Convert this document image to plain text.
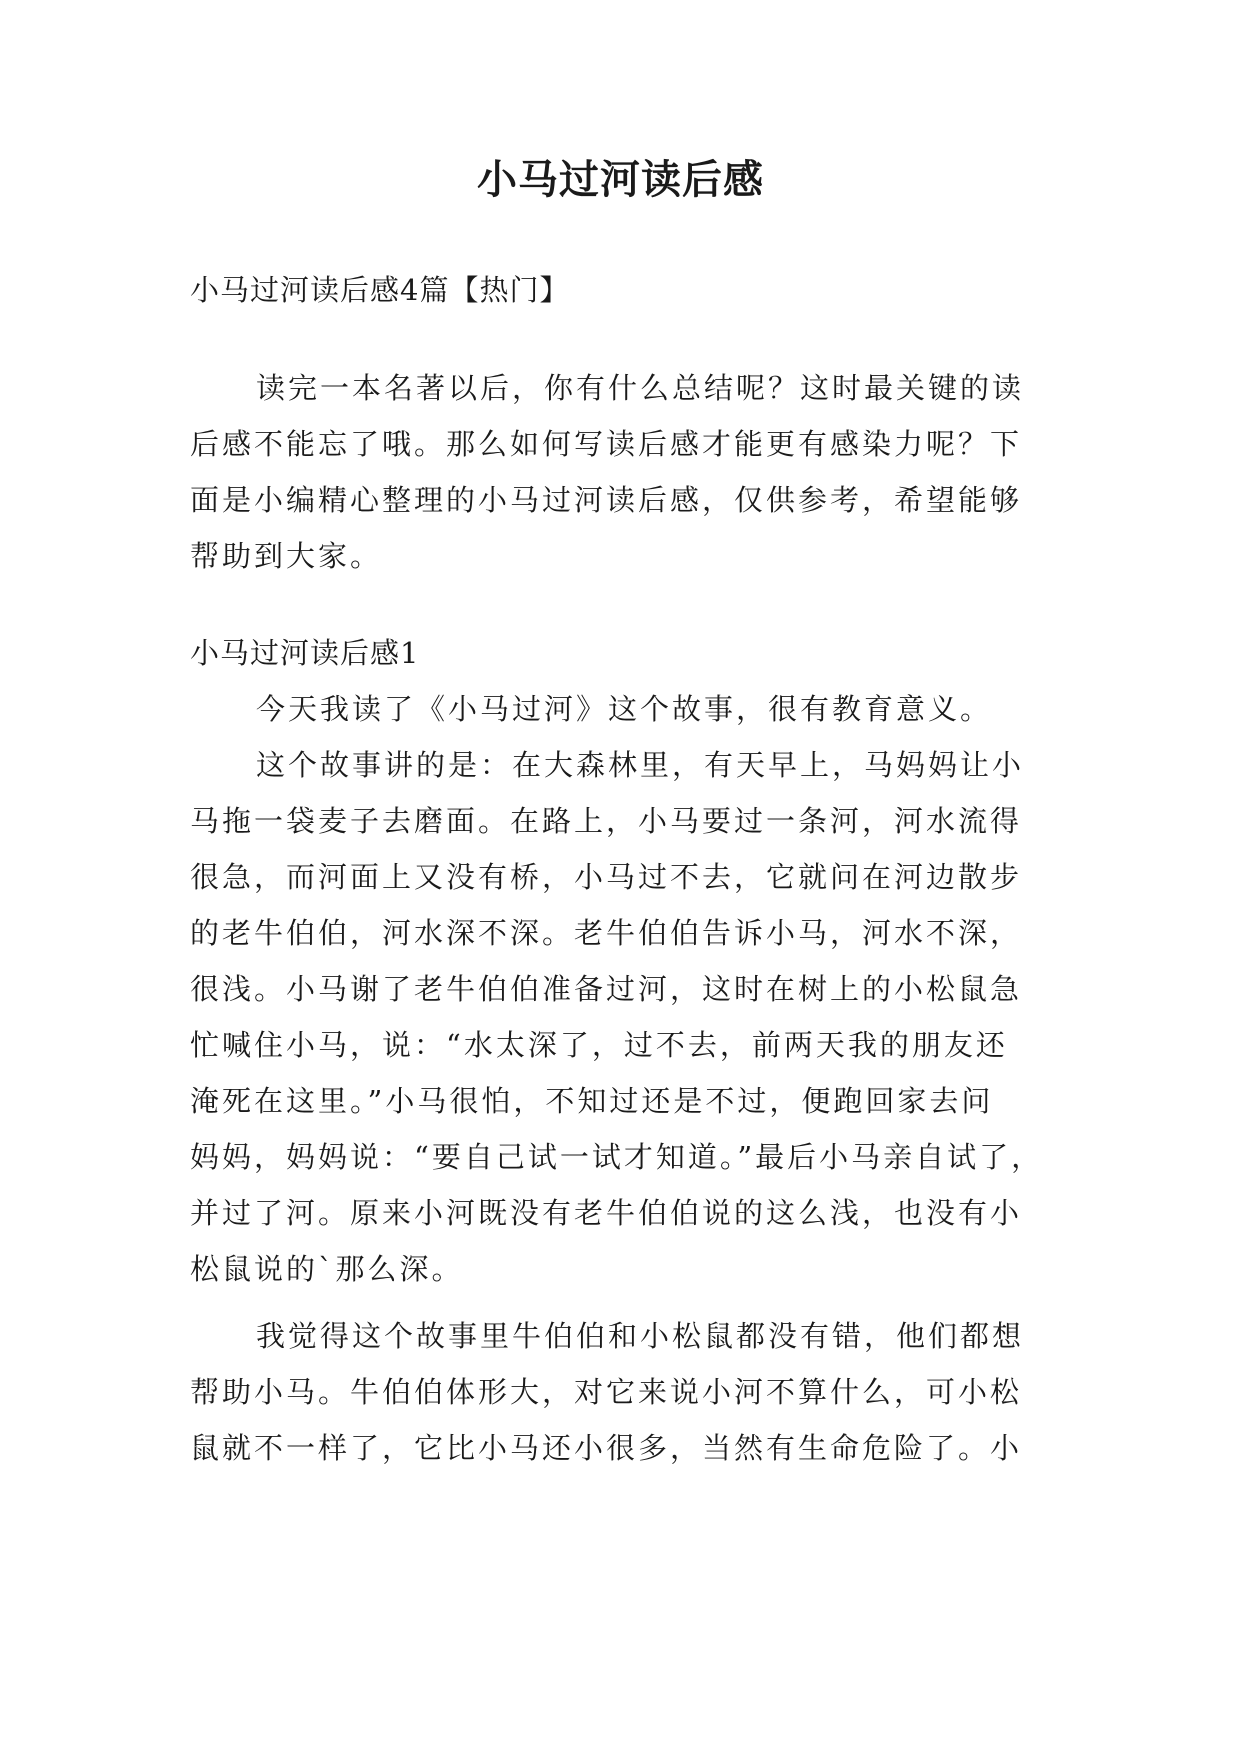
小马过河读后感
小马过河读后感4篇【热门】
读完一本名著以后，你有什么总结呢？这时最关键的读
后感不能忘了哦。那么如何写读后感才能更有感染力呢？下
面是小编精心整理的小马过河读后感，仅供参考，希望能够
帮助到大家。
小马过河读后感1
今天我读了《小马过河》这个故事，很有教育意义。
这个故事讲的是：在大森林里，有天早上，马妈妈让小
马拖一袋麦子去磨面。在路上，小马要过一条河，河水流得
很急，而河面上又没有桥，小马过不去，它就问在河边散步
的老牛伯伯，河水深不深。老牛伯伯告诉小马，河水不深，
很浅。小马谢了老牛伯伯准备过河，这时在树上的小松鼠急
忙喊住小马，说：“水太深了，过不去，前两天我的朋友还
淹死在这里。”小马很怕，不知过还是不过，便跑回家去问
妈妈，妈妈说：“要自己试一试才知道。”最后小马亲自试了，
并过了河。原来小河既没有老牛伯伯说的这么浅，也没有小
松鼠说的`那么深。
我觉得这个故事里牛伯伯和小松鼠都没有错，他们都想
帮助小马。牛伯伯体形大，对它来说小河不算什么，可小松
鼠就不一样了，它比小马还小很多，当然有生命危险了。小
